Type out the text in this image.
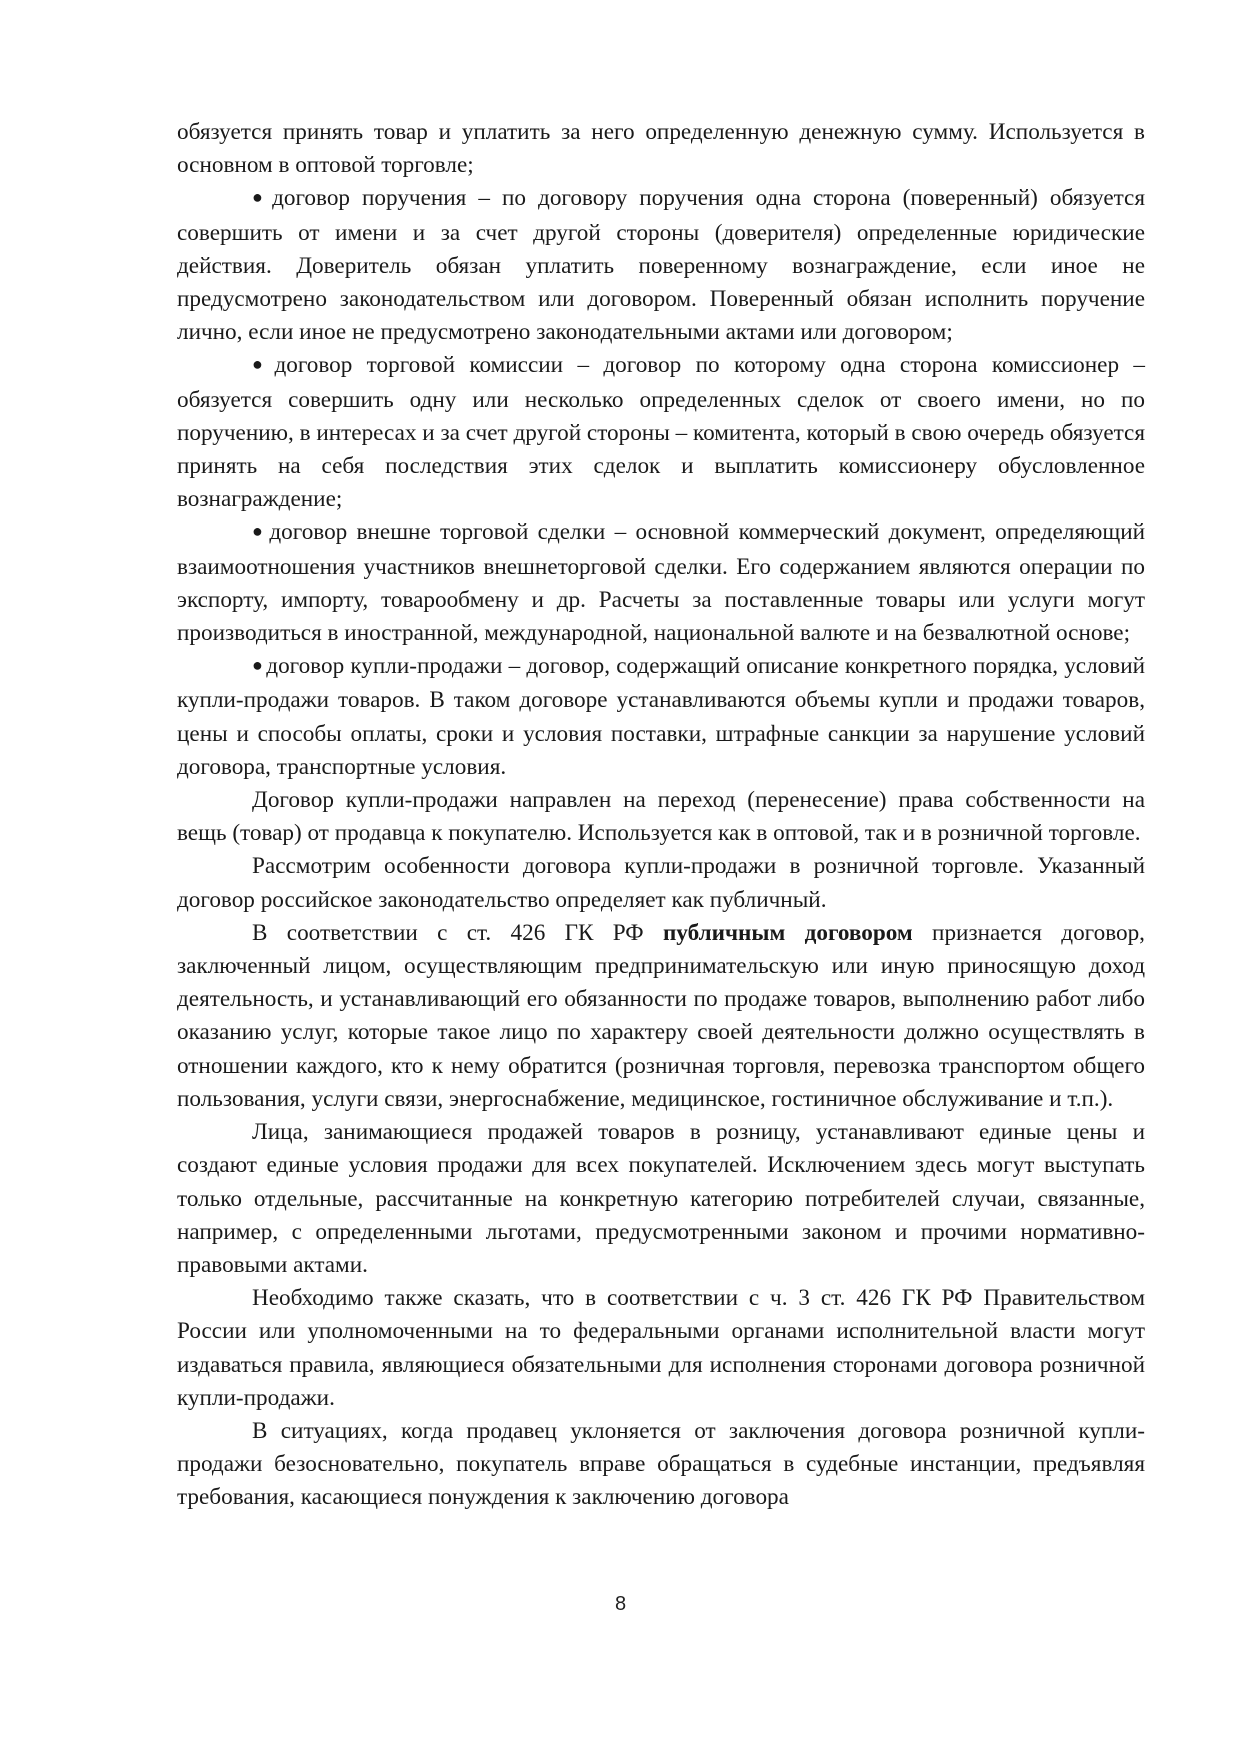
обязуется принять товар и уплатить за него определенную денежную сумму. Используется в основном в оптовой торговле;

● договор поручения – по договору поручения одна сторона (поверенный) обязуется совершить от имени и за счет другой стороны (доверителя) определенные юридические действия. Доверитель обязан уплатить поверенному вознаграждение, если иное не предусмотрено законодательством или договором. Поверенный обязан исполнить поручение лично, если иное не предусмотрено законодательными актами или договором;

● договор торговой комиссии – договор по которому одна сторона комиссионер – обязуется совершить одну или несколько определенных сделок от своего имени, но по поручению, в интересах и за счет другой стороны – комитента, который в свою очередь обязуется принять на себя последствия этих сделок и выплатить комиссионеру обусловленное вознаграждение;

● договор внешне торговой сделки – основной коммерческий документ, определяющий взаимоотношения участников внешнеторговой сделки. Его содержанием являются операции по экспорту, импорту, товарообмену и др. Расчеты за поставленные товары или услуги могут производиться в иностранной, международной, национальной валюте и на безвалютной основе;

● договор купли-продажи – договор, содержащий описание конкретного порядка, условий купли-продажи товаров. В таком договоре устанавливаются объемы купли и продажи товаров, цены и способы оплаты, сроки и условия поставки, штрафные санкции за нарушение условий договора, транспортные условия.

Договор купли-продажи направлен на переход (перенесение) права собственности на вещь (товар) от продавца к покупателю. Используется как в оптовой, так и в розничной торговле.

Рассмотрим особенности договора купли-продажи в розничной торговле. Указанный договор российское законодательство определяет как публичный.

В соответствии с ст. 426 ГК РФ публичным договором признается договор, заключенный лицом, осуществляющим предпринимательскую или иную приносящую доход деятельность, и устанавливающий его обязанности по продаже товаров, выполнению работ либо оказанию услуг, которые такое лицо по характеру своей деятельности должно осуществлять в отношении каждого, кто к нему обратится (розничная торговля, перевозка транспортом общего пользования, услуги связи, энергоснабжение, медицинское, гостиничное обслуживание и т.п.).

Лица, занимающиеся продажей товаров в розницу, устанавливают единые цены и создают единые условия продажи для всех покупателей. Исключением здесь могут выступать только отдельные, рассчитанные на конкретную категорию потребителей случаи, связанные, например, с определенными льготами, предусмотренными законом и прочими нормативно-правовыми актами.

Необходимо также сказать, что в соответствии с ч. 3 ст. 426 ГК РФ Правительством России или уполномоченными на то федеральными органами исполнительной власти могут издаваться правила, являющиеся обязательными для исполнения сторонами договора розничной купли-продажи.

В ситуациях, когда продавец уклоняется от заключения договора розничной купли-продажи безосновательно, покупатель вправе обращаться в судебные инстанции, предъявляя требования, касающиеся понуждения к заключению договора

8
